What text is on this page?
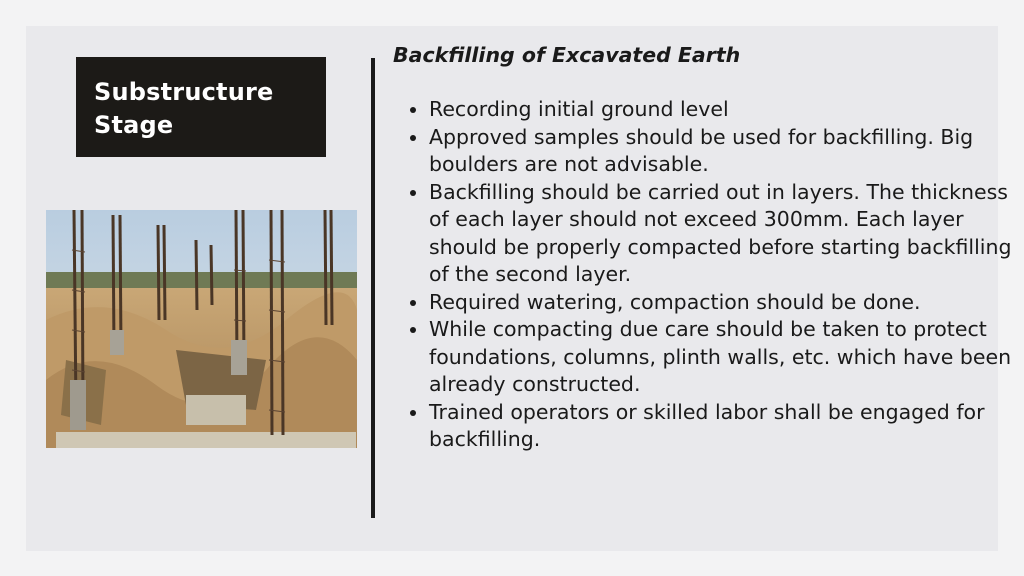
Substructure
Stage

Backfilling of Excavated Earth
• Recording initial ground level
• Approved samples should be used for backfilling. Big boulders are not advisable.
• Backfilling should be carried out in layers. The thickness of each layer should not exceed 300mm. Each layer should be properly compacted before starting backfilling of the second layer.
• Required watering, compaction should be done.
• While compacting due care should be taken to protect foundations, columns, plinth walls, etc. which have been already constructed.
• Trained operators or skilled labor shall be engaged for backfilling.
